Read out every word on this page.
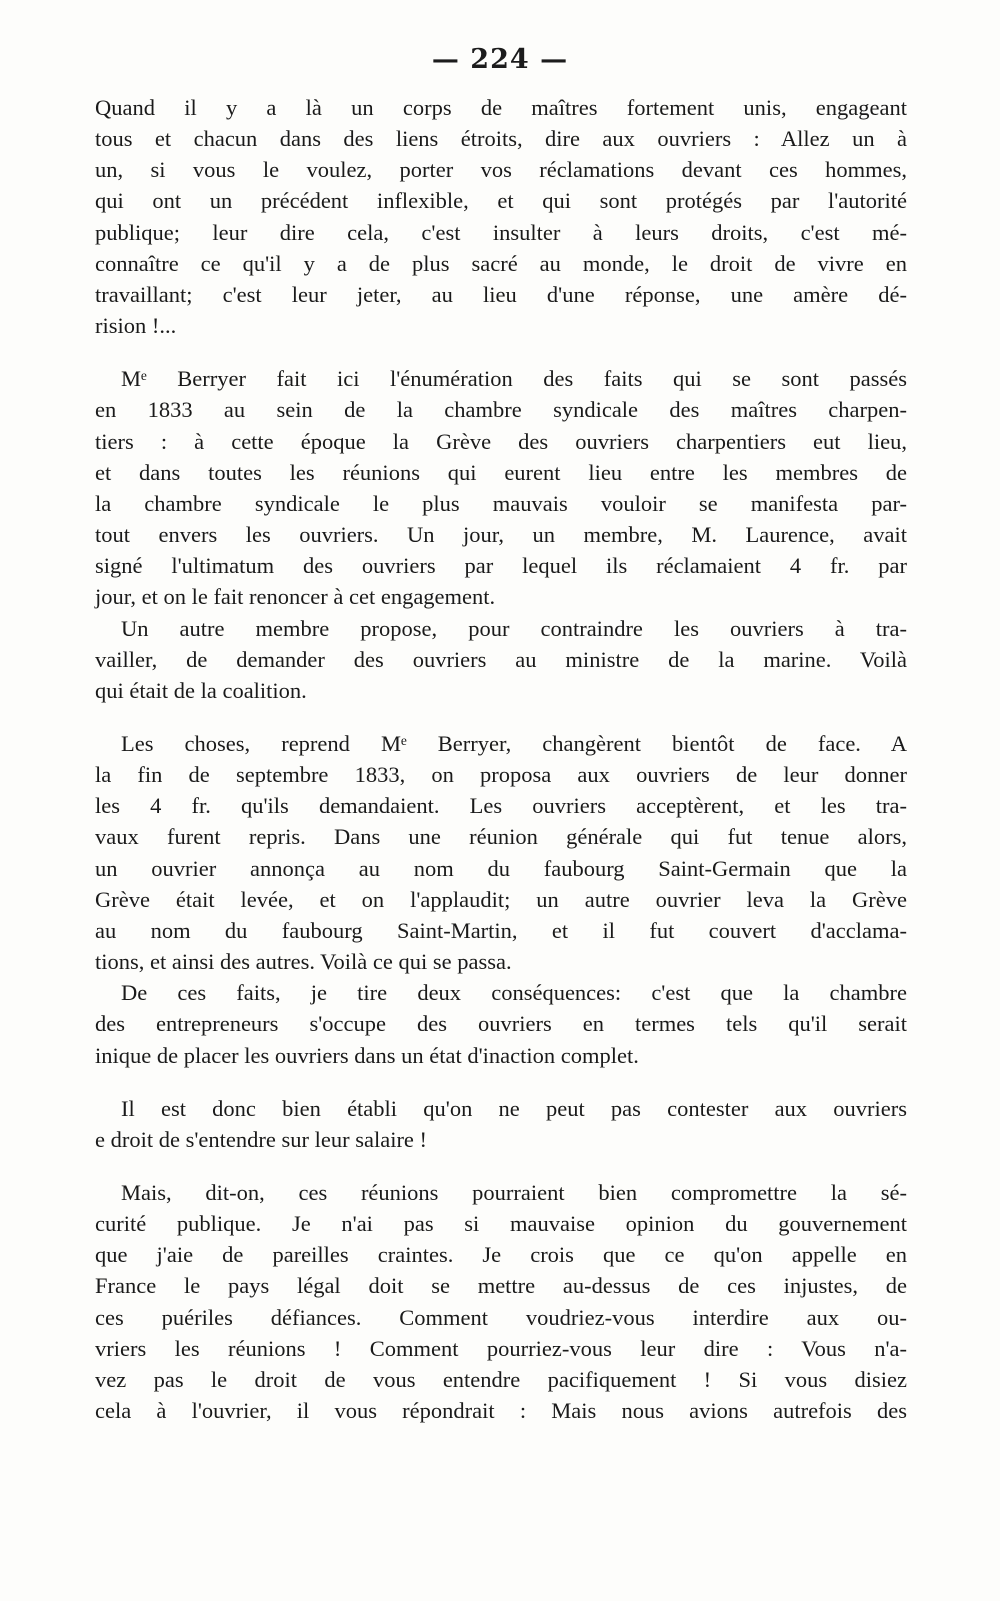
— 224 —
Quand il y a là un corps de maîtres fortement unis, engageant
tous et chacun dans des liens étroits, dire aux ouvriers : Allez un à
un, si vous le voulez, porter vos réclamations devant ces hommes,
qui ont un précédent inflexible, et qui sont protégés par l'autorité
publique; leur dire cela, c'est insulter à leurs droits, c'est mé-
connaître ce qu'il y a de plus sacré au monde, le droit de vivre en
travaillant; c'est leur jeter, au lieu d'une réponse, une amère dé-
rision !...
Mᵉ Berryer fait ici l'énumération des faits qui se sont passés
en 1833 au sein de la chambre syndicale des maîtres charpen-
tiers : à cette époque la Grève des ouvriers charpentiers eut lieu,
et dans toutes les réunions qui eurent lieu entre les membres de
la chambre syndicale le plus mauvais vouloir se manifesta par-
tout envers les ouvriers. Un jour, un membre, M. Laurence, avait
signé l'ultimatum des ouvriers par lequel ils réclamaient 4 fr. par
jour, et on le fait renoncer à cet engagement.
Un autre membre propose, pour contraindre les ouvriers à tra-
vailler, de demander des ouvriers au ministre de la marine. Voilà
qui était de la coalition.
Les choses, reprend Mᵉ Berryer, changèrent bientôt de face. A
la fin de septembre 1833, on proposa aux ouvriers de leur donner
les 4 fr. qu'ils demandaient. Les ouvriers acceptèrent, et les tra-
vaux furent repris. Dans une réunion générale qui fut tenue alors,
un ouvrier annonça au nom du faubourg Saint-Germain que la
Grève était levée, et on l'applaudit; un autre ouvrier leva la Grève
au nom du faubourg Saint-Martin, et il fut couvert d'acclama-
tions, et ainsi des autres. Voilà ce qui se passa.
De ces faits, je tire deux conséquences: c'est que la chambre
des entrepreneurs s'occupe des ouvriers en termes tels qu'il serait
inique de placer les ouvriers dans un état d'inaction complet.
Il est donc bien établi qu'on ne peut pas contester aux ouvriers
e droit de s'entendre sur leur salaire !
Mais, dit-on, ces réunions pourraient bien compromettre la sé-
curité publique. Je n'ai pas si mauvaise opinion du gouvernement
que j'aie de pareilles craintes. Je crois que ce qu'on appelle en
France le pays légal doit se mettre au-dessus de ces injustes, de
ces puériles défiances. Comment voudriez-vous interdire aux ou-
vriers les réunions ! Comment pourriez-vous leur dire : Vous n'a-
vez pas le droit de vous entendre pacifiquement ! Si vous disiez
cela à l'ouvrier, il vous répondrait : Mais nous avions autrefois des
